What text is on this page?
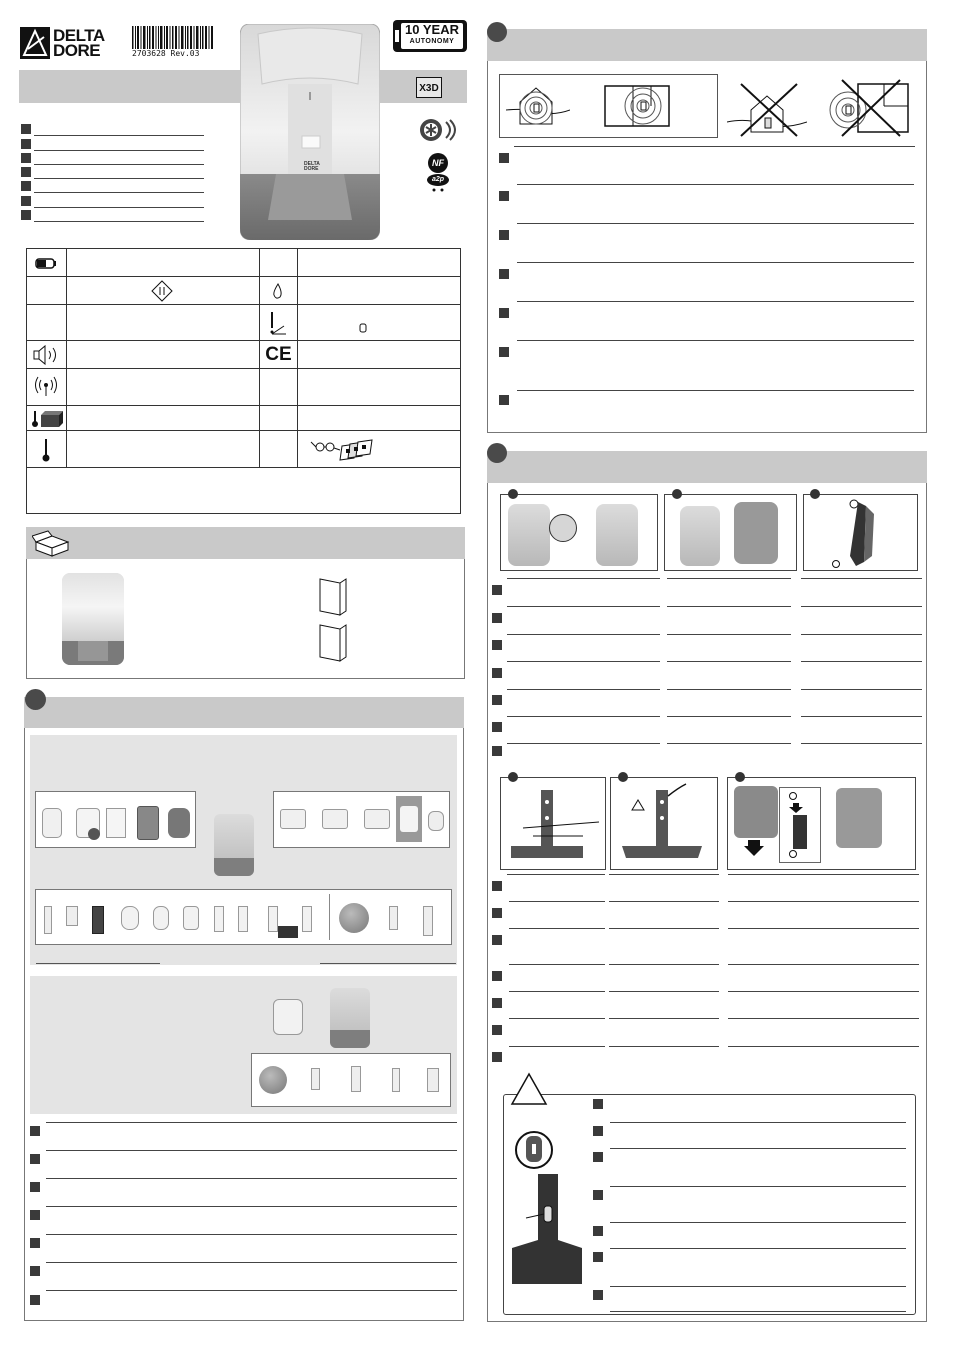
DELTA
DORE	2703628 Rev.03
10 YEAR
AUTONOMY
X3D
DELTA
DORE
NF
a2p

CE	
